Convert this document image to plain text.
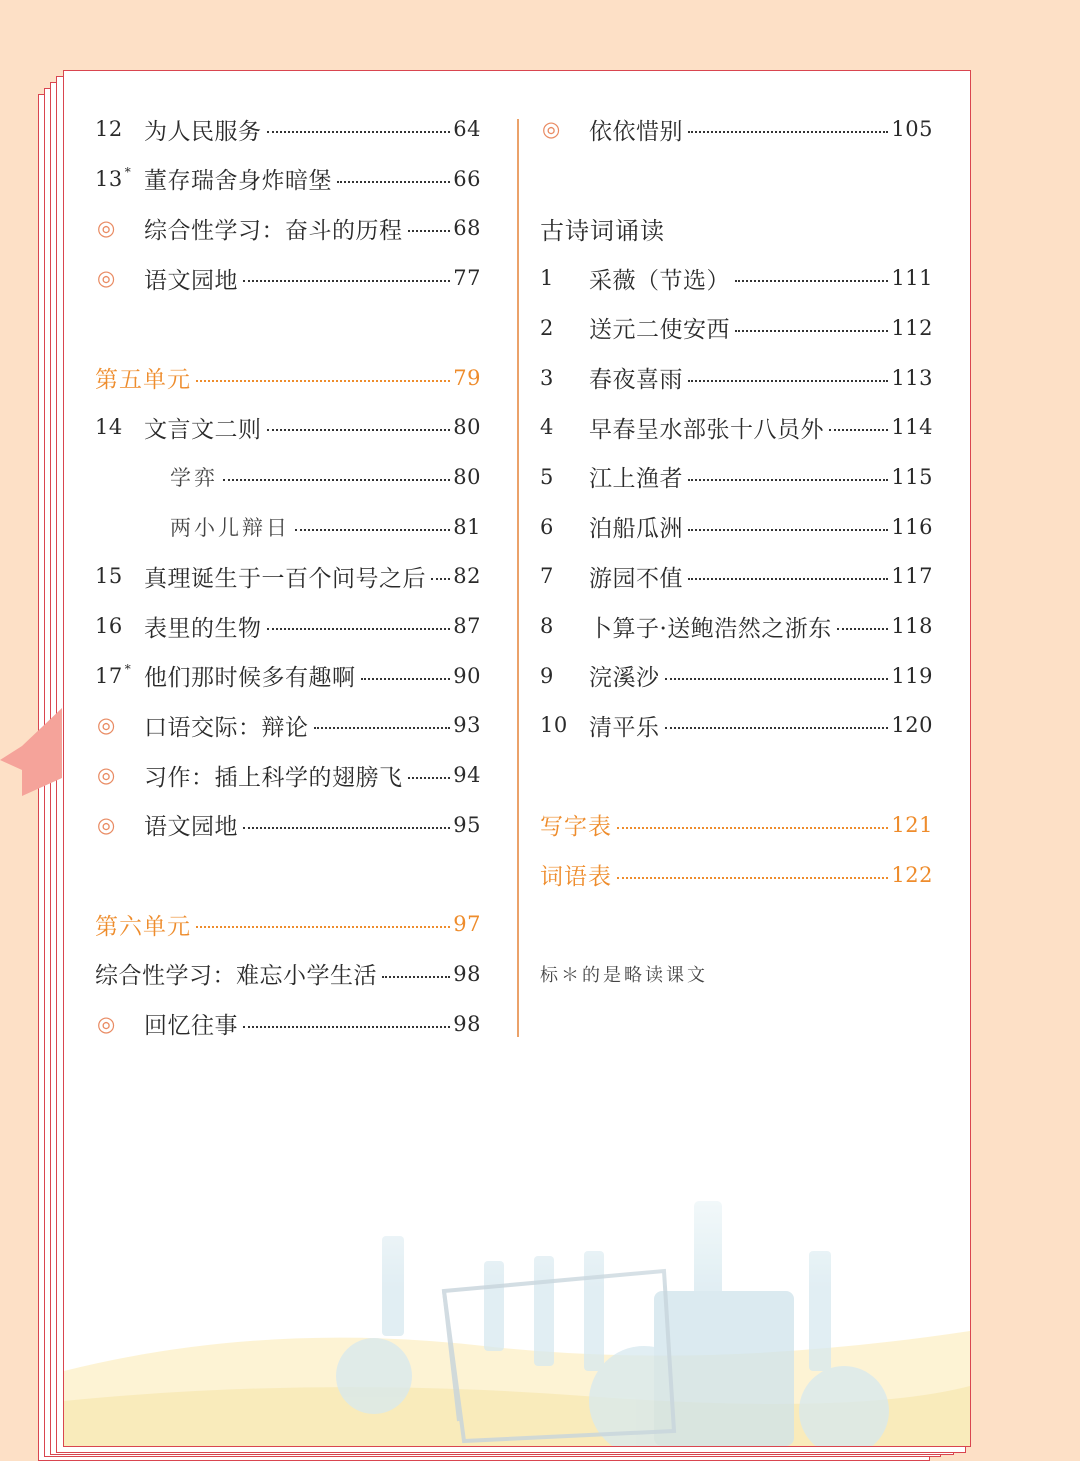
12 为人民服务	64
13 * 董存瑞舍身炸暗堡	66
◎	综合性学习：奋斗的历程 68
◎	语文园地	77
第五单元	79
14 文言文二则	80
学弈	80
两小儿辩日	81
15 真理诞生于一百个问号之后 82
16 表里的生物	87
17 * 他们那时候多有趣啊	90
◎	口语交际：辩论	93
◎	习作：插上科学的翅膀飞 94
◎	语文园地	95
第六单元	97
综合性学习：难忘小学生活	98
◎	回忆往事	98
◎	依依惜别	105
古诗词诵读
1	采薇（节选）	111
2	送元二使安西	112
3	春夜喜雨	113
4	早春呈水部张十八员外	114
5	江上渔者	115
6	泊船瓜洲	116
7	游园不值	117
8	卜算子·送鲍浩然之浙东	118
9	浣溪沙	119
10 清平乐	120
写字表	121
词语表	122
标＊的是略读课文
